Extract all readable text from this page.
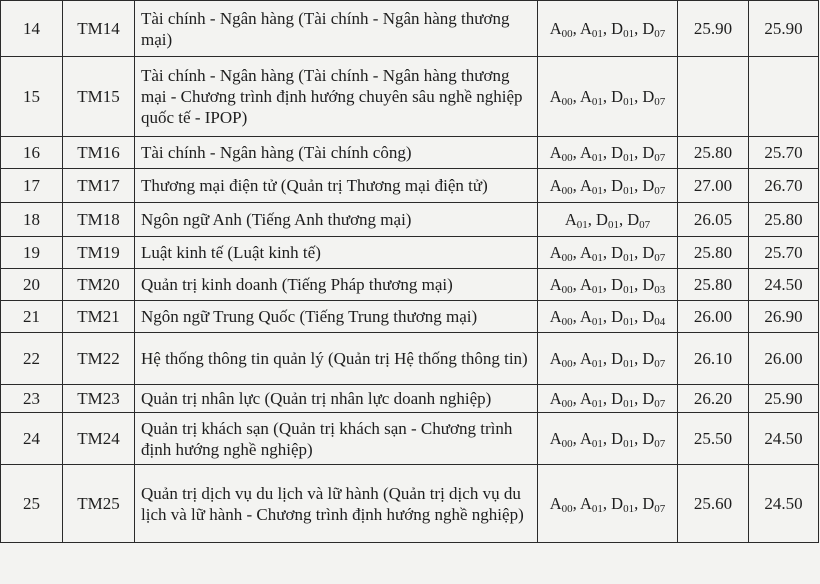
14	TM14	Tài chính - Ngân hàng (Tài chính - Ngân hàng thương mại)	$A_{00}$, $A_{01}$, $D_{01}$, $D_{07}$	25.90	25.90
15	TM15	Tài chính - Ngân hàng (Tài chính - Ngân hàng thương mại - Chương trình định hướng chuyên sâu nghề nghiệp quốc tế - IPOP)	$A_{00}$, $A_{01}$, $D_{01}$, $D_{07}$		
16	TM16	Tài chính - Ngân hàng (Tài chính công)	$A_{00}$, $A_{01}$, $D_{01}$, $D_{07}$	25.80	25.70
17	TM17	Thương mại điện tử (Quản trị Thương mại điện tử)	$A_{00}$, $A_{01}$, $D_{01}$, $D_{07}$	27.00	26.70
18	TM18	Ngôn ngữ Anh (Tiếng Anh thương mại)	$A_{01}$, $D_{01}$, $D_{07}$	26.05	25.80
19	TM19	Luật kinh tế (Luật kinh tế)	$A_{00}$, $A_{01}$, $D_{01}$, $D_{07}$	25.80	25.70
20	TM20	Quản trị kinh doanh (Tiếng Pháp thương mại)	$A_{00}$, $A_{01}$, $D_{01}$, $D_{03}$	25.80	24.50
21	TM21	Ngôn ngữ Trung Quốc (Tiếng Trung thương mại)	$A_{00}$, $A_{01}$, $D_{01}$, $D_{04}$	26.00	26.90
22	TM22	Hệ thống thông tin quản lý (Quản trị Hệ thống thông tin)	$A_{00}$, $A_{01}$, $D_{01}$, $D_{07}$	26.10	26.00
23	TM23	Quản trị nhân lực (Quản trị nhân lực doanh nghiệp)	$A_{00}$, $A_{01}$, $D_{01}$, $D_{07}$	26.20	25.90
24	TM24	Quản trị khách sạn (Quản trị khách sạn - Chương trình định hướng nghề nghiệp)	$A_{00}$, $A_{01}$, $D_{01}$, $D_{07}$	25.50	24.50
25	TM25	Quản trị dịch vụ du lịch và lữ hành (Quản trị dịch vụ du lịch và lữ hành - Chương trình định hướng nghề nghiệp)	$A_{00}$, $A_{01}$, $D_{01}$, $D_{07}$	25.60	24.50
